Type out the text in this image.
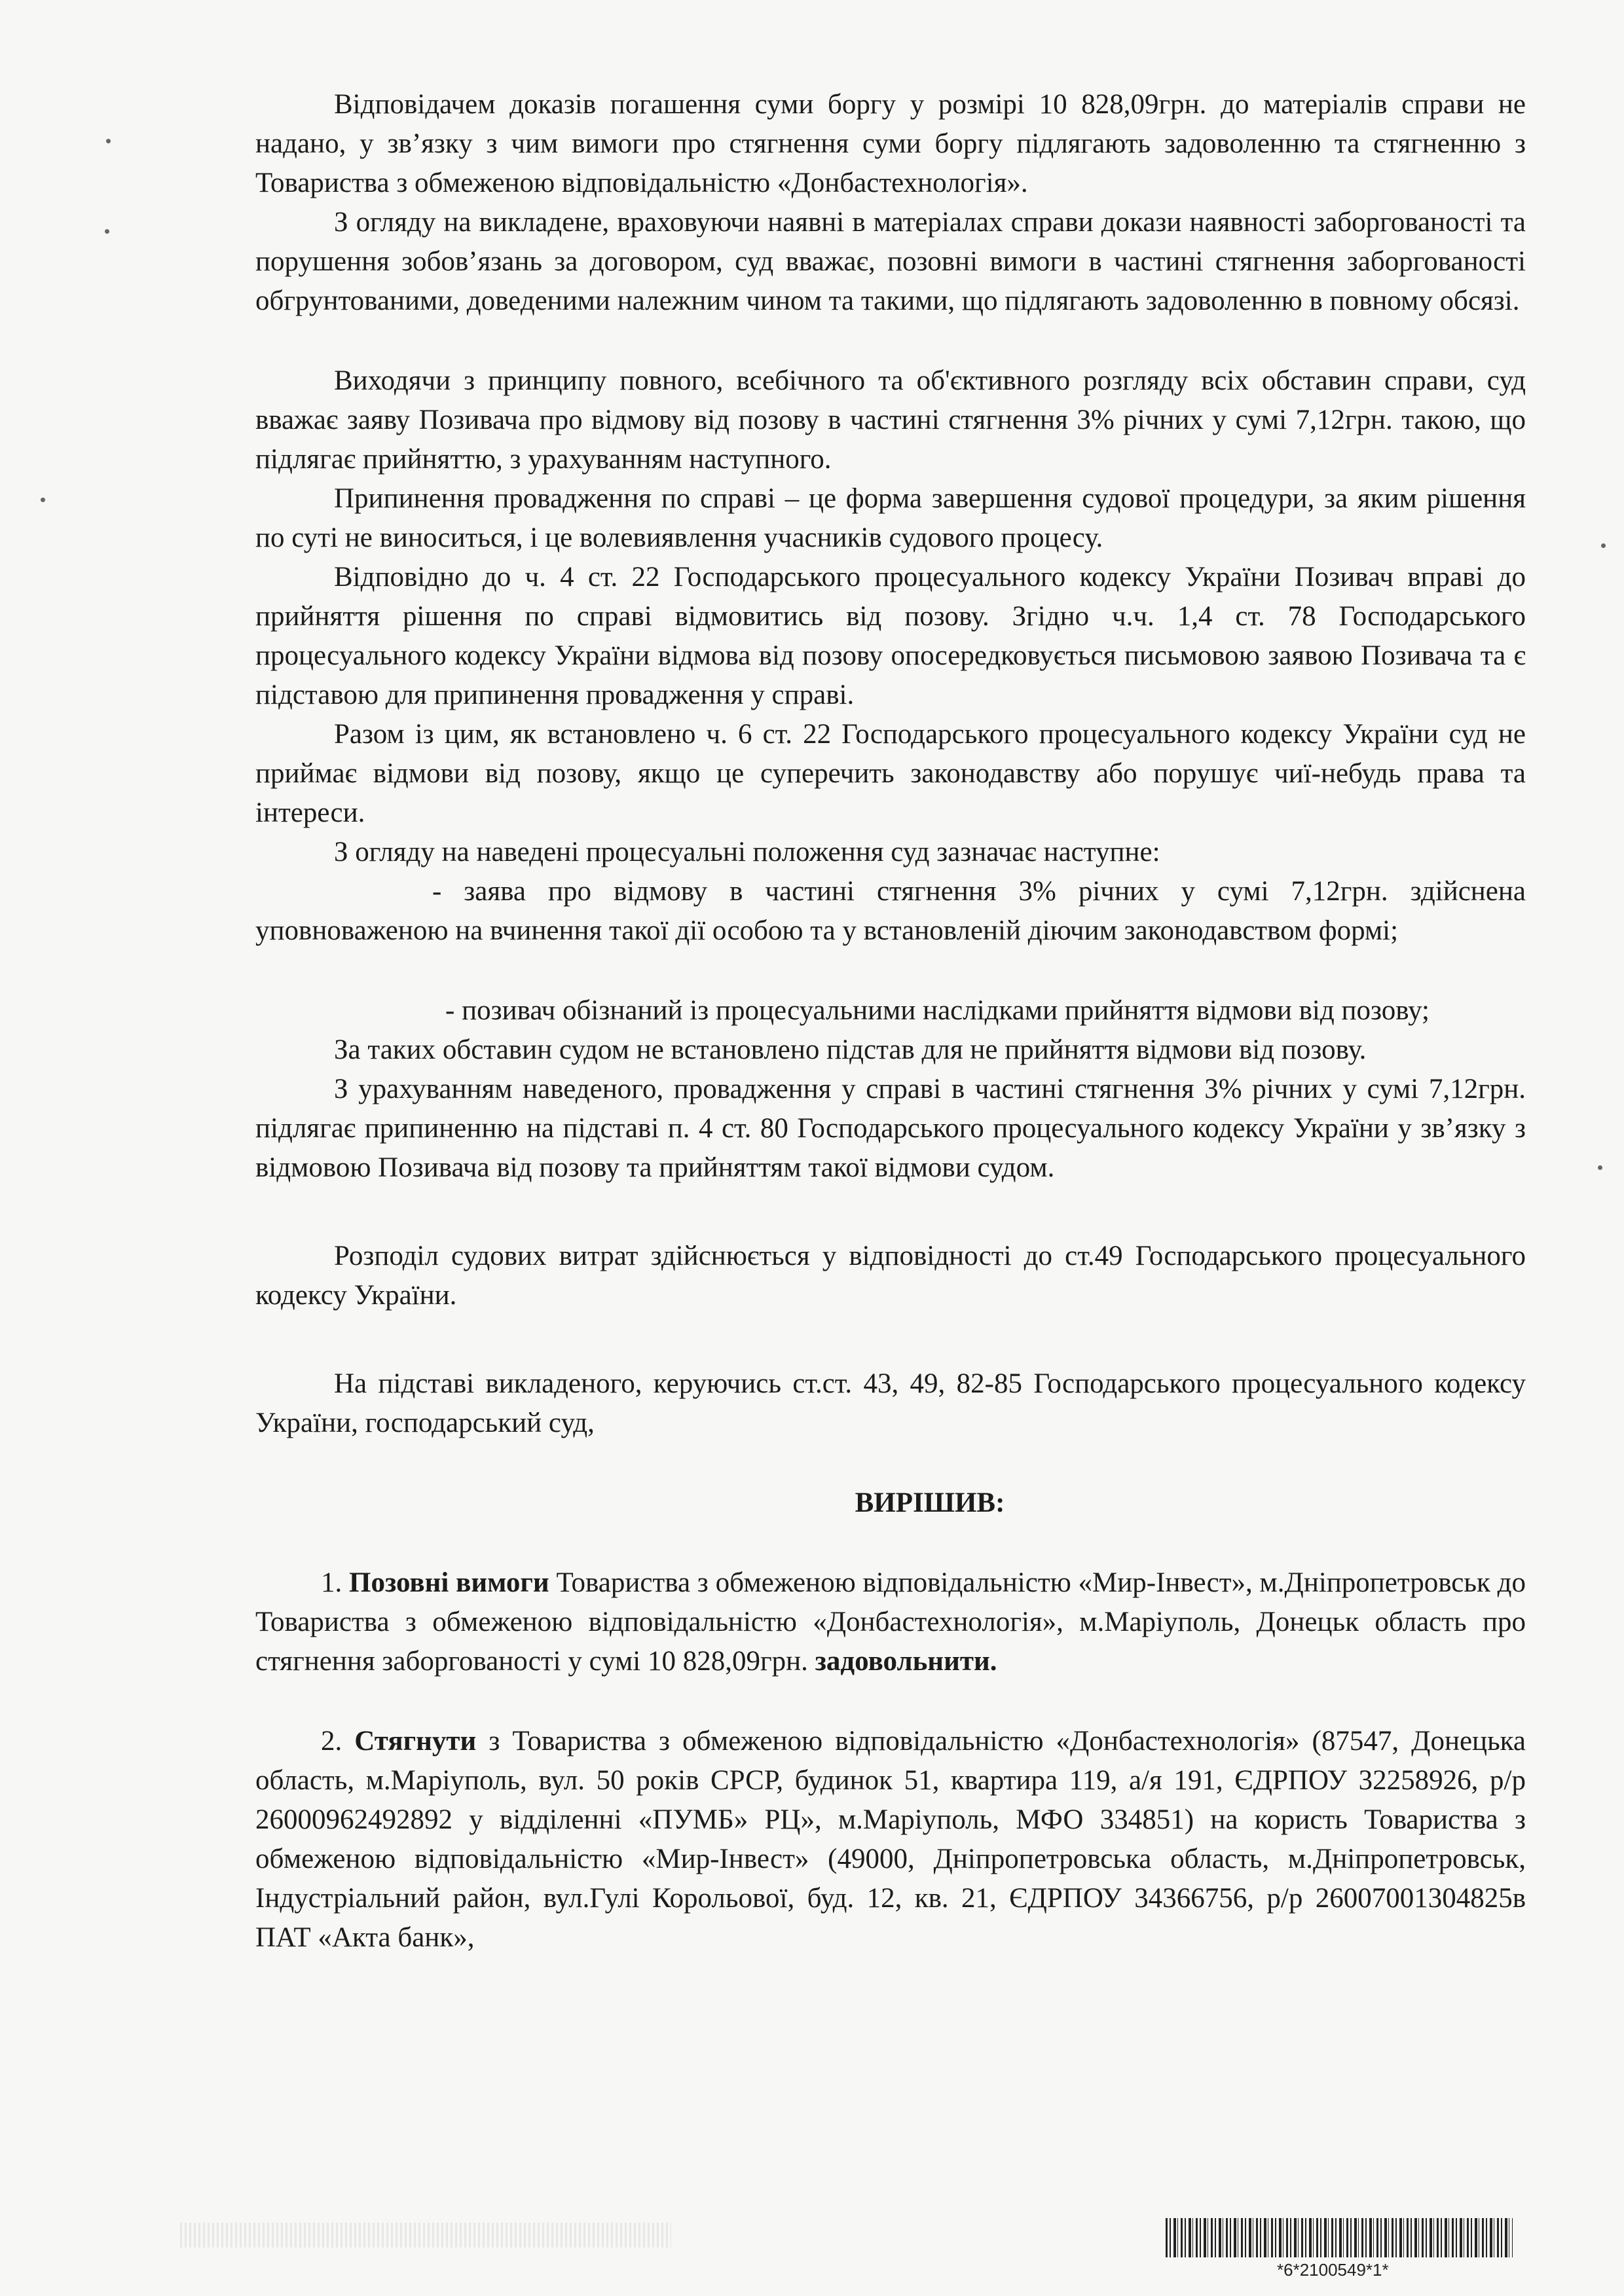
Відповідачем доказів погашення суми боргу у розмірі 10 828,09грн. до матеріалів справи не надано, у зв’язку з чим вимоги про стягнення суми боргу підлягають задоволенню та стягненню з Товариства з обмеженою відповідальністю «Донбастехнологія».

З огляду на викладене, враховуючи наявні в матеріалах справи докази наявності заборгованості та порушення зобов’язань за договором, суд вважає, позовні вимоги в частині стягнення заборгованості обгрунтованими, доведеними належним чином та такими, що підлягають задоволенню в повному обсязі.

Виходячи з принципу повного, всебічного та об'єктивного розгляду всіх обставин справи, суд вважає заяву Позивача про відмову від позову в частині стягнення 3% річних у сумі 7,12грн. такою, що підлягає прийняттю, з урахуванням наступного.

Припинення провадження по справі – це форма завершення судової процедури, за яким рішення по суті не виноситься, і це волевиявлення учасників судового процесу.

Відповідно до ч. 4 ст. 22 Господарського процесуального кодексу України Позивач вправі до прийняття рішення по справі відмовитись від позову. Згідно ч.ч. 1,4 ст. 78 Господарського процесуального кодексу України відмова від позову опосередковується письмовою заявою Позивача та є підставою для припинення провадження у справі.

Разом із цим, як встановлено ч. 6 ст. 22 Господарського процесуального кодексу України суд не приймає відмови від позову, якщо це суперечить законодавству або порушує чиї-небудь права та інтереси.

З огляду на наведені процесуальні положення суд зазначає наступне:

- заява про відмову в частині стягнення 3% річних у сумі 7,12грн. здійснена уповноваженою на вчинення такої дії особою та у встановленій діючим законодавством формі;

- позивач обізнаний із процесуальними наслідками прийняття відмови від позову;

За таких обставин судом не встановлено підстав для не прийняття відмови від позову.

З урахуванням наведеного, провадження у справі в частині стягнення 3% річних у сумі 7,12грн. підлягає припиненню на підставі п. 4 ст. 80 Господарського процесуального кодексу України у зв’язку з відмовою Позивача від позову та прийняттям такої відмови судом.

Розподіл судових витрат здійснюється у відповідності до ст.49 Господарського процесуального кодексу України.

На підставі викладеного, керуючись ст.ст. 43, 49, 82-85 Господарського процесуального кодексу України, господарський суд,

ВИРІШИВ:

1. Позовні вимоги Товариства з обмеженою відповідальністю «Мир-Інвест», м.Дніпропетровськ до Товариства з обмеженою відповідальністю «Донбастехнологія», м.Маріуполь, Донецьк область про стягнення заборгованості у сумі 10 828,09грн. задовольнити.

2. Стягнути з Товариства з обмеженою відповідальністю «Донбастехнологія» (87547, Донецька область, м.Маріуполь, вул. 50 років СРСР, будинок 51, квартира 119, а/я 191, ЄДРПОУ 32258926, р/р 26000962492892 у відділенні «ПУМБ» РЦ», м.Маріуполь, МФО 334851) на користь Товариства з обмеженою відповідальністю «Мир-Інвест» (49000, Дніпропетровська область, м.Дніпропетровськ, Індустріальний район, вул.Гулі Корольової, буд. 12, кв. 21, ЄДРПОУ 34366756, р/р 26007001304825в ПАТ «Акта банк»,

*6*2100549*1*
